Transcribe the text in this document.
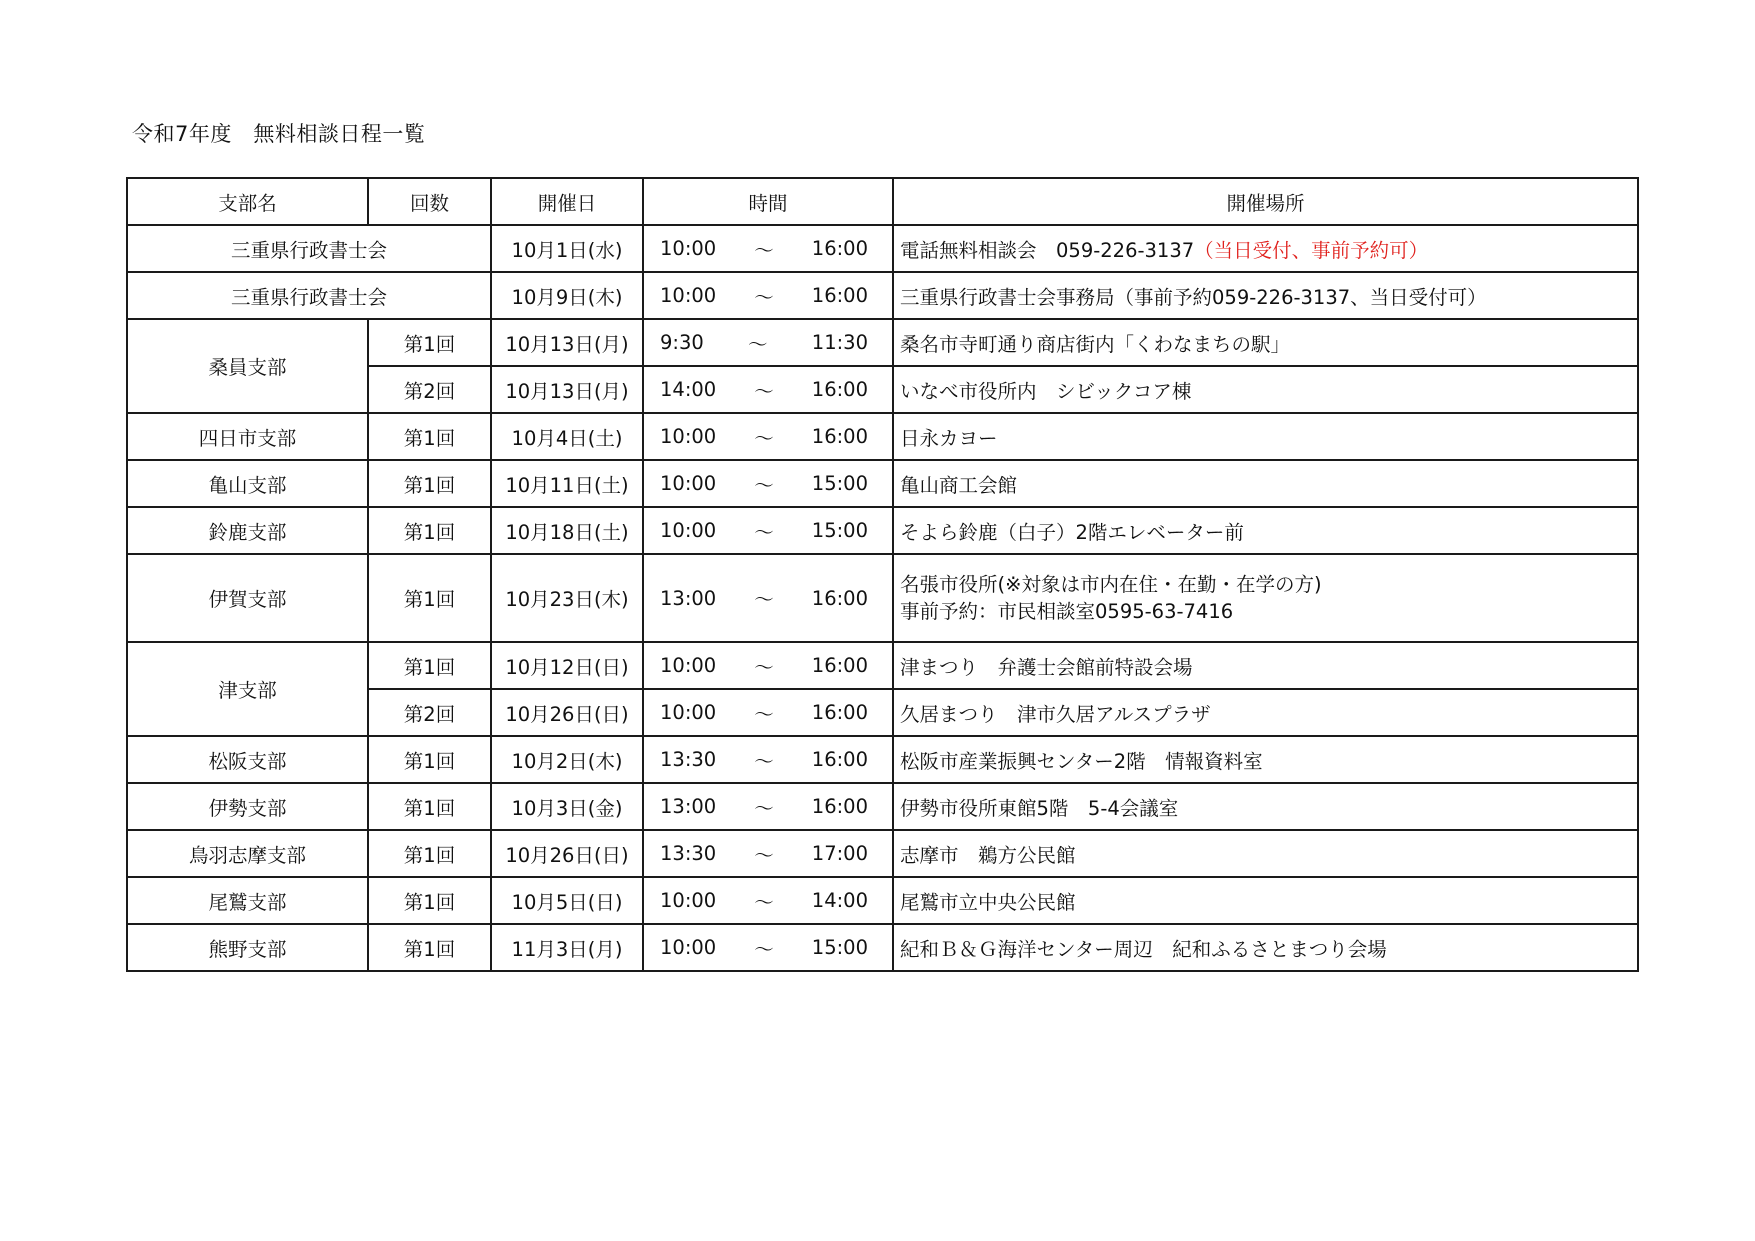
令和7年度　無料相談日程一覧
支部名	回数	開催日	時間	開催場所
三重県行政書士会		10月1日(水)	10:00 ～ 16:00	電話無料相談会　059-226-3137（当日受付、事前予約可）
三重県行政書士会		10月9日(木)	10:00 ～ 16:00	三重県行政書士会事務局（事前予約059-226-3137、当日受付可）
桑員支部	第1回	10月13日(月)	9:30 ～ 11:30	桑名市寺町通り商店街内「くわなまちの駅」
	第2回	10月13日(月)	14:00 ～ 16:00	いなべ市役所内　シビックコア棟
四日市支部	第1回	10月4日(土)	10:00 ～ 16:00	日永カヨー
亀山支部	第1回	10月11日(土)	10:00 ～ 15:00	亀山商工会館
鈴鹿支部	第1回	10月18日(土)	10:00 ～ 15:00	そよら鈴鹿（白子）2階エレベーター前
伊賀支部	第1回	10月23日(木)	13:00 ～ 16:00	名張市役所(※対象は市内在住・在勤・在学の方)
事前予約：市民相談室0595-63-7416

津支部	第1回	10月12日(日)	10:00 ～ 16:00	津まつり　弁護士会館前特設会場
	第2回	10月26日(日)	10:00 ～ 16:00	久居まつり　津市久居アルスプラザ
松阪支部	第1回	10月2日(木)	13:30 ～ 16:00	松阪市産業振興センター2階　情報資料室
伊勢支部	第1回	10月3日(金)	13:00 ～ 16:00	伊勢市役所東館5階　5-4会議室
鳥羽志摩支部	第1回	10月26日(日)	13:30 ～ 17:00	志摩市　鵜方公民館
尾鷲支部	第1回	10月5日(日)	10:00 ～ 14:00	尾鷲市立中央公民館
熊野支部	第1回	11月3日(月)	10:00 ～ 15:00	紀和Ｂ＆Ｇ海洋センター周辺　紀和ふるさとまつり会場
